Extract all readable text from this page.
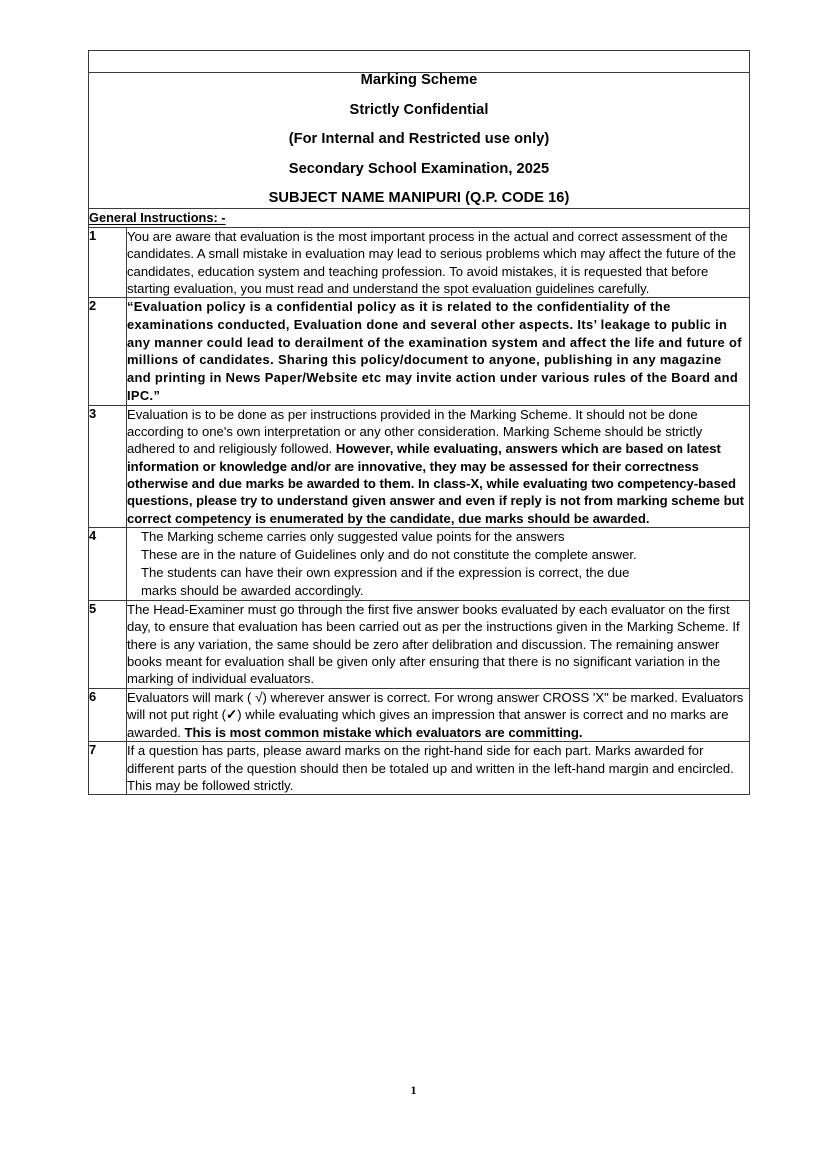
Marking Scheme
Strictly Confidential
(For Internal and Restricted use only)
Secondary School Examination, 2025
SUBJECT NAME MANIPURI (Q.P. CODE 16)	

General Instructions: -	
1	You are aware that evaluation is the most important process in the actual and correct assessment of the candidates. A small mistake in evaluation may lead to serious problems which may affect the future of the candidates, education system and teaching profession. To avoid mistakes, it is requested that before starting evaluation, you must read and understand the spot evaluation guidelines carefully.

2	“Evaluation policy is a confidential policy as it is related to the confidentiality of the examinations conducted, Evaluation done and several other aspects. Its’ leakage to public in any manner could lead to derailment of the examination system and affect the life and future of millions of candidates. Sharing this policy/document to anyone, publishing in any magazine and printing in News Paper/Website etc may invite action under various rules of the Board and IPC.”

3	Evaluation is to be done as per instructions provided in the Marking Scheme. It should not be done according to one's own interpretation or any other consideration. Marking Scheme should be strictly adhered to and religiously followed. However, while evaluating, answers which are based on latest information or knowledge and/or are innovative, they may be assessed for their correctness otherwise and due marks be awarded to them. In class-X, while evaluating two competency-based questions, please try to understand given answer and even if reply is not from marking scheme but correct competency is enumerated by the candidate, due marks should be awarded.

4	The Marking scheme carries only suggested value points for the answers
These are in the nature of Guidelines only and do not constitute the complete answer.
The students can have their own expression and if the expression is correct, the due
marks should be awarded accordingly.

5	The Head-Examiner must go through the first five answer books evaluated by each evaluator on the first day, to ensure that evaluation has been carried out as per the instructions given in the Marking Scheme. If there is any variation, the same should be zero after delibration and discussion. The remaining answer books meant for evaluation shall be given only after ensuring that there is no significant variation in the marking of individual evaluators.

6	Evaluators will mark ( √) wherever answer is correct. For wrong answer CROSS 'X" be marked. Evaluators will not put right (✓) while evaluating which gives an impression that answer is correct and no marks are awarded. This is most common mistake which evaluators are committing.

7	If a question has parts, please award marks on the right-hand side for each part. Marks awarded for different parts of the question should then be totaled up and written in the left-hand margin and encircled. This may be followed strictly.

1
